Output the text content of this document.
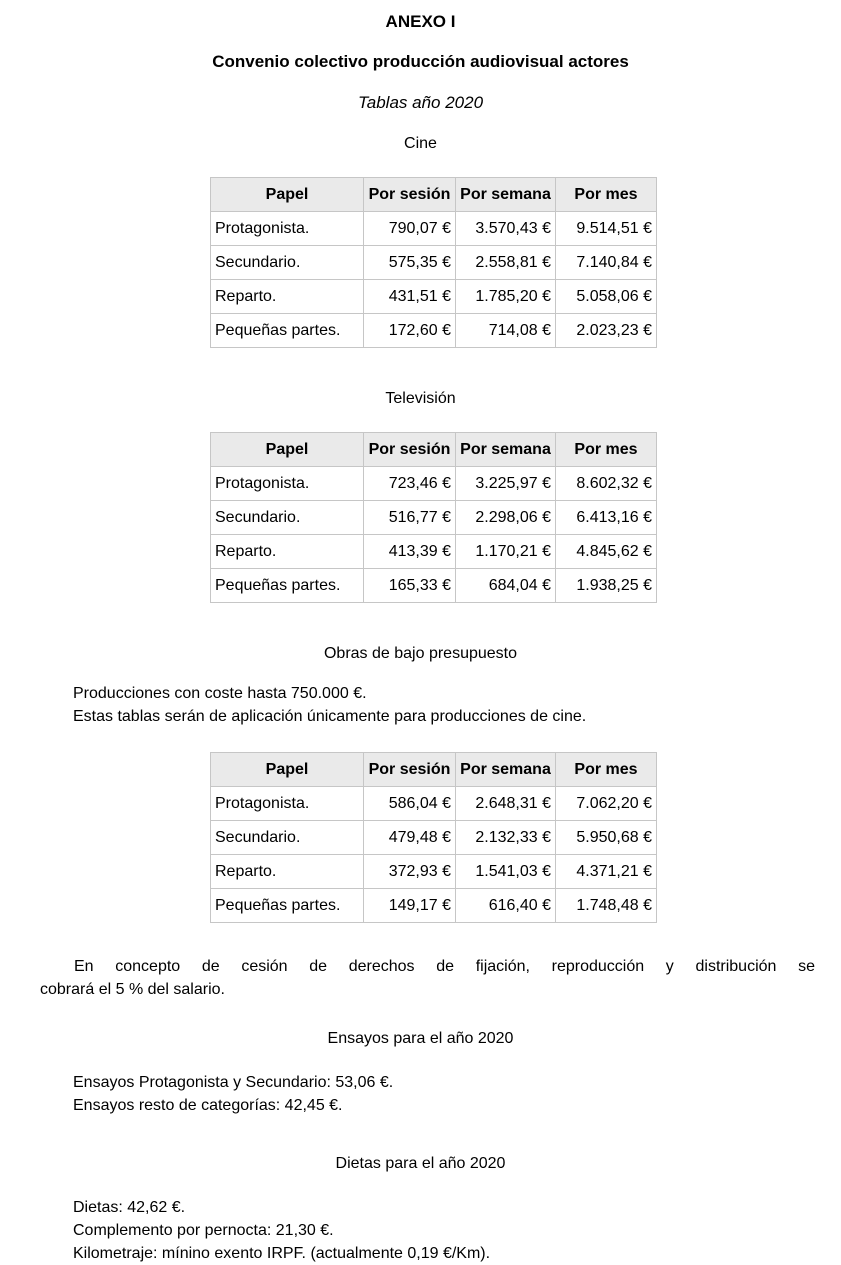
ANEXO I
Convenio colectivo producción audiovisual actores
Tablas año 2020
Cine
Papel	Por sesión	Por semana	Por mes
Protagonista.	790,07 €	3.570,43 €	9.514,51 €
Secundario.	575,35 €	2.558,81 €	7.140,84 €
Reparto.	431,51 €	1.785,20 €	5.058,06 €
Pequeñas partes.	172,60 €	714,08 €	2.023,23 €
Televisión
Papel	Por sesión	Por semana	Por mes
Protagonista.	723,46 €	3.225,97 €	8.602,32 €
Secundario.	516,77 €	2.298,06 €	6.413,16 €
Reparto.	413,39 €	1.170,21 €	4.845,62 €
Pequeñas partes.	165,33 €	684,04 €	1.938,25 €
Obras de bajo presupuesto
Producciones con coste hasta 750.000 €.
Estas tablas serán de aplicación únicamente para producciones de cine.
Papel	Por sesión	Por semana	Por mes
Protagonista.	586,04 €	2.648,31 €	7.062,20 €
Secundario.	479,48 €	2.132,33 €	5.950,68 €
Reparto.	372,93 €	1.541,03 €	4.371,21 €
Pequeñas partes.	149,17 €	616,40 €	1.748,48 €
En concepto de cesión de derechos de fijación, reproducción y distribución se
cobrará el 5 % del salario.
Ensayos para el año 2020
Ensayos Protagonista y Secundario: 53,06 €.
Ensayos resto de categorías: 42,45 €.
Dietas para el año 2020
Dietas: 42,62 €.
Complemento por pernocta: 21,30 €.
Kilometraje: mínino exento IRPF. (actualmente 0,19 €/Km).
